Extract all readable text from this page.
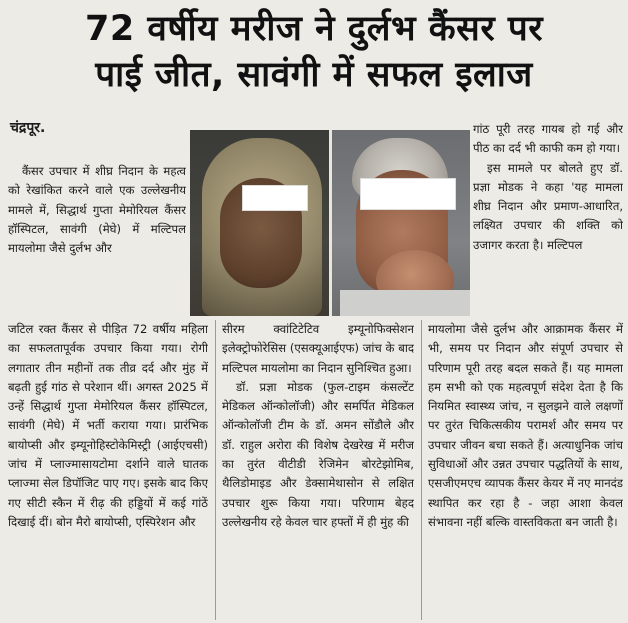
72 वर्षीय मरीज ने दुर्लभ कैंसर पर
पाई जीत, सावंगी में सफल इलाज
चंद्रपूर.

कैंसर उपचार में शीघ्र निदान के महत्व को रेखांकित करने वाले एक उल्लेखनीय मामले में, सिद्धार्थ गुप्ता मेमोरियल कैंसर हॉस्पिटल, सावंगी (मेघे) में मल्टिपल मायलोमा जैसे दुर्लभ और

जटिल रक्त कैंसर से पीड़ित 72 वर्षीय महिला का सफलतापूर्वक उपचार किया गया। रोगी लगातार तीन महीनों तक तीव्र दर्द और मुंह में बढ़ती हुई गांठ से परेशान थीं। अगस्त 2025 में उन्हें सिद्धार्थ गुप्ता मेमोरियल कैंसर हॉस्पिटल, सावंगी (मेघे) में भर्ती कराया गया। प्रारंभिक बायोप्सी और इम्यूनोहिस्टोकेमिस्ट्री (आईएचसी) जांच में प्लाज्मासायटोमा दर्शाने वाले घातक प्लाज्मा सेल डिपॉजिट पाए गए। इसके बाद किए गए सीटी स्कैन में रीढ़ की हड्डियों में कई गांठें दिखाई दीं। बोन मैरो बायोप्सी, एस्पिरेशन और

सीरम क्वांटिटेटिव इम्यूनोफिक्सेशन इलेक्ट्रोफोरेसिस (एसक्यूआईएफ) जांच के बाद मल्टिपल मायलोमा का निदान सुनिश्चित हुआ।

डॉ. प्रज्ञा मोडक (फुल-टाइम कंसल्टेंट मेडिकल ऑन्कोलॉजी) और समर्पित मेडिकल ऑन्कोलॉजी टीम के डॉ. अमन सोंडौले और डॉ. राहुल अरोरा की विशेष देखरेख में मरीज का तुरंत वीटीडी रेजिमेन बोरटेझोमिब, थैलिडोमाइड और डेक्सामेथासोन से लक्षित उपचार शुरू किया गया। परिणाम बेहद उल्लेखनीय रहे केवल चार हफ्तों में ही मुंह की

गांठ पूरी तरह गायब हो गई और पीठ का दर्द भी काफी कम हो गया।

इस मामले पर बोलते हुए डॉ. प्रज्ञा मोडक ने कहा 'यह मामला शीघ्र निदान और प्रमाण-आधारित, लक्ष्यित उपचार की शक्ति को उजागर करता है। मल्टिपल

मायलोमा जैसे दुर्लभ और आक्रामक कैंसर में भी, समय पर निदान और संपूर्ण उपचार से परिणाम पूरी तरह बदल सकते हैं। यह मामला हम सभी को एक महत्वपूर्ण संदेश देता है कि नियमित स्वास्थ्य जांच, न सुलझने वाले लक्षणों पर तुरंत चिकित्सकीय परामर्श और समय पर उपचार जीवन बचा सकते हैं। अत्याधुनिक जांच सुविधाओं और उन्नत उपचार पद्धतियों के साथ, एसजीएमएच व्यापक कैंसर केयर में नए मानदंड स्थापित कर रहा है - जहा आशा केवल संभावना नहीं बल्कि वास्तविकता बन जाती है।
